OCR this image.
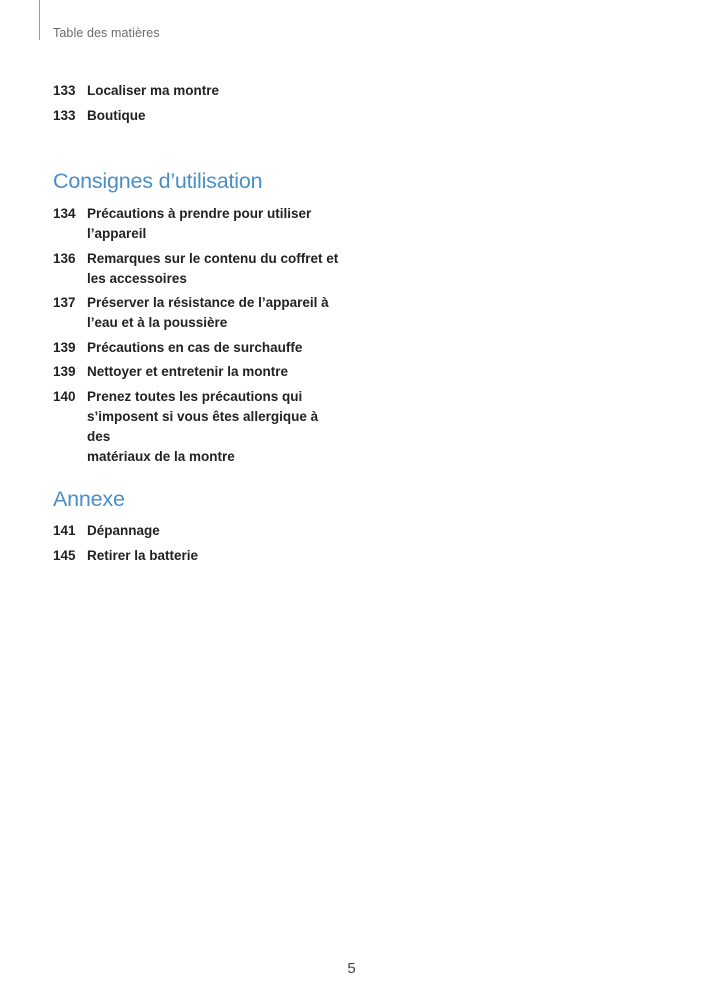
Table des matières
133 Localiser ma montre
133 Boutique
Consignes d’utilisation
134 Précautions à prendre pour utiliser
l’appareil
136 Remarques sur le contenu du coffret et
les accessoires
137 Préserver la résistance de l’appareil à
l’eau et à la poussière
139 Précautions en cas de surchauffe
139 Nettoyer et entretenir la montre
140 Prenez toutes les précautions qui
s’imposent si vous êtes allergique à des
matériaux de la montre
Annexe
141 Dépannage
145 Retirer la batterie
5
